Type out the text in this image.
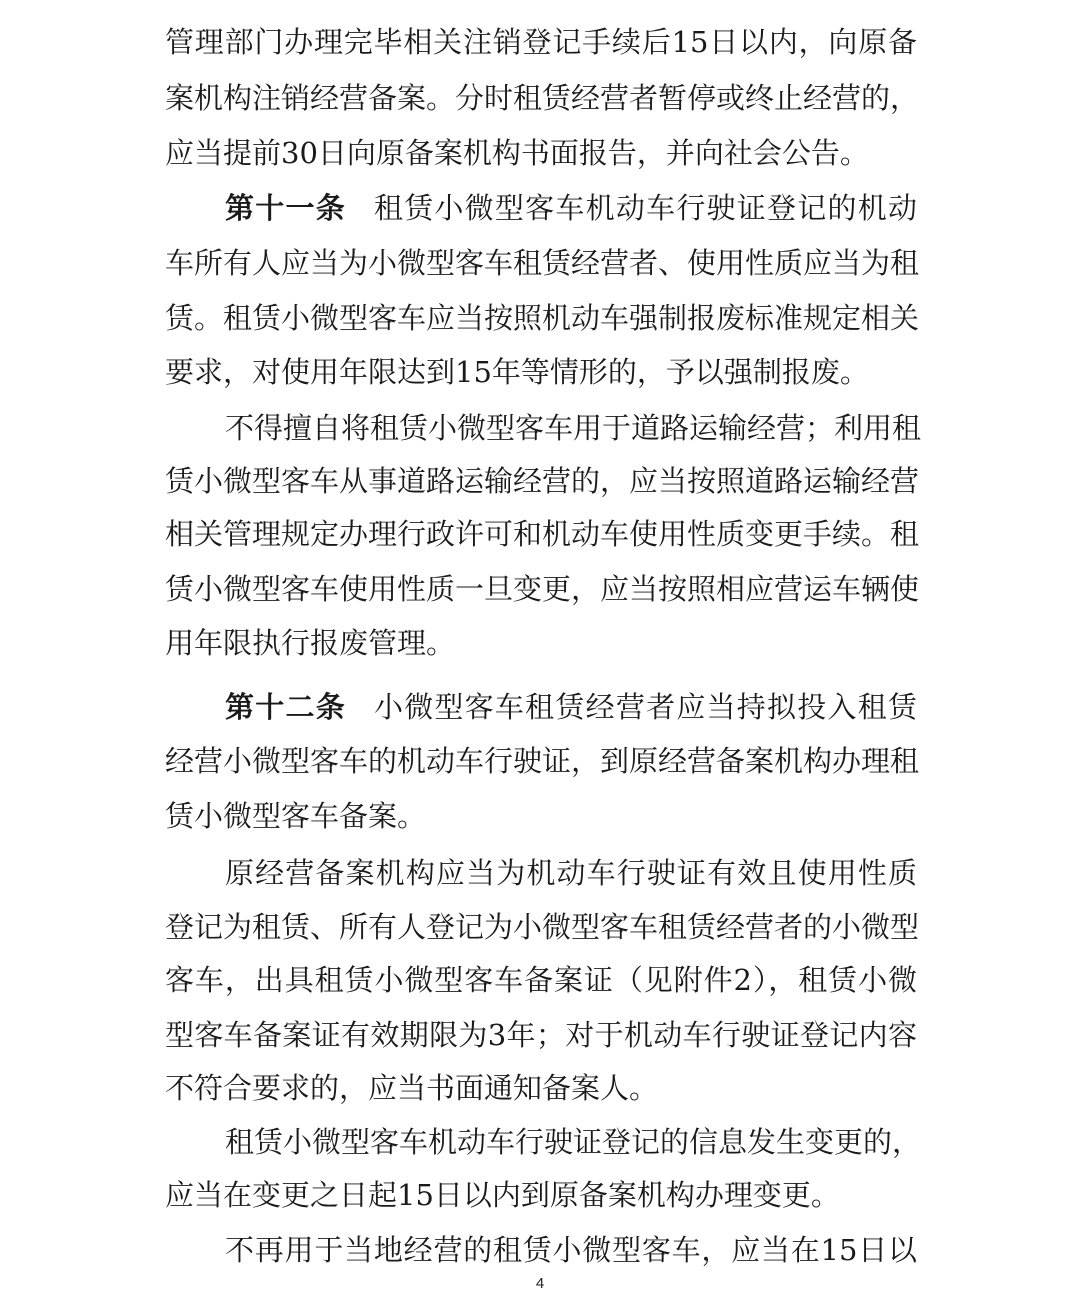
管理部门办理完毕相关注销登记手续后15日以内，向原备
案机构注销经营备案。分时租赁经营者暂停或终止经营的，
应当提前30日向原备案机构书面报告，并向社会公告。
第十一条 租赁小微型客车机动车行驶证登记的机动
车所有人应当为小微型客车租赁经营者、使用性质应当为租
赁。租赁小微型客车应当按照机动车强制报废标准规定相关
要求，对使用年限达到15年等情形的，予以强制报废。
不得擅自将租赁小微型客车用于道路运输经营；利用租
赁小微型客车从事道路运输经营的，应当按照道路运输经营
相关管理规定办理行政许可和机动车使用性质变更手续。租
赁小微型客车使用性质一旦变更，应当按照相应营运车辆使
用年限执行报废管理。
第十二条 小微型客车租赁经营者应当持拟投入租赁
经营小微型客车的机动车行驶证，到原经营备案机构办理租
赁小微型客车备案。
原经营备案机构应当为机动车行驶证有效且使用性质
登记为租赁、所有人登记为小微型客车租赁经营者的小微型
客车，出具租赁小微型客车备案证（见附件2），租赁小微
型客车备案证有效期限为3年；对于机动车行驶证登记内容
不符合要求的，应当书面通知备案人。
租赁小微型客车机动车行驶证登记的信息发生变更的，
应当在变更之日起15日以内到原备案机构办理变更。
不再用于当地经营的租赁小微型客车，应当在15日以
4
